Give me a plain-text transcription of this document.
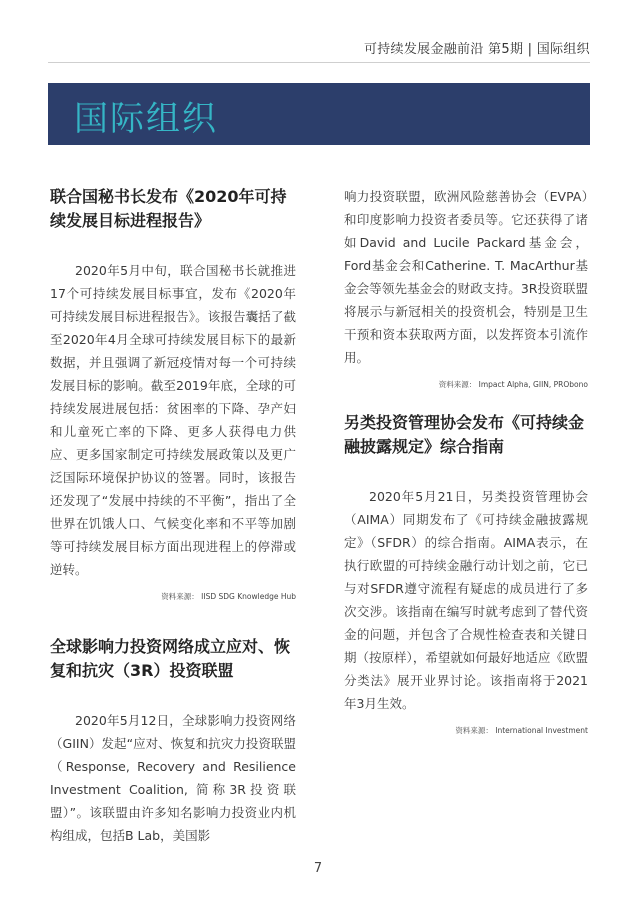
可持续发展金融前沿 第5期 | 国际组织
国际组织
联合国秘书长发布《2020年可持续发展目标进程报告》

2020年5月中旬，联合国秘书长就推进17个可持续发展目标事宜，发布《2020年可持续发展目标进程报告》。该报告囊括了截至2020年4月全球可持续发展目标下的最新数据，并且强调了新冠疫情对每一个可持续发展目标的影响。截至2019年底，全球的可持续发展进展包括：贫困率的下降、孕产妇和儿童死亡率的下降、更多人获得电力供应、更多国家制定可持续发展政策以及更广泛国际环境保护协议的签署。同时，该报告还发现了“发展中持续的不平衡”，指出了全世界在饥饿人口、气候变化率和不平等加剧等可持续发展目标方面出现进程上的停滞或逆转。

资料来源： IISD SDG Knowledge Hub

全球影响力投资网络成立应对、恢复和抗灾（3R）投资联盟

2020年5月12日，全球影响力投资网络（GIIN）发起“应对、恢复和抗灾力投资联盟（Response, Recovery and Resilience Investment Coalition, 简称3R投资联盟）”。该联盟由许多知名影响力投资业内机构组成，包括B Lab，美国影

响力投资联盟，欧洲风险慈善协会（EVPA）和印度影响力投资者委员等。它还获得了诸如David and Lucile Packard基金会，Ford基金会和Catherine. T. MacArthur基金会等领先基金会的财政支持。3R投资联盟将展示与新冠相关的投资机会，特别是卫生干预和资本获取两方面，以发挥资本引流作用。

资料来源： Impact Alpha, GIIN, PRObono

另类投资管理协会发布《可持续金融披露规定》综合指南

2020年5月21日，另类投资管理协会（AIMA）同期发布了《可持续金融披露规定》（SFDR）的综合指南。AIMA表示，在执行欧盟的可持续金融行动计划之前，它已与对SFDR遵守流程有疑虑的成员进行了多次交涉。该指南在编写时就考虑到了替代资金的问题，并包含了合规性检查表和关键日期（按原样），希望就如何最好地适应《欧盟分类法》展开业界讨论。该指南将于2021年3月生效。

资料来源： International Investment

7
